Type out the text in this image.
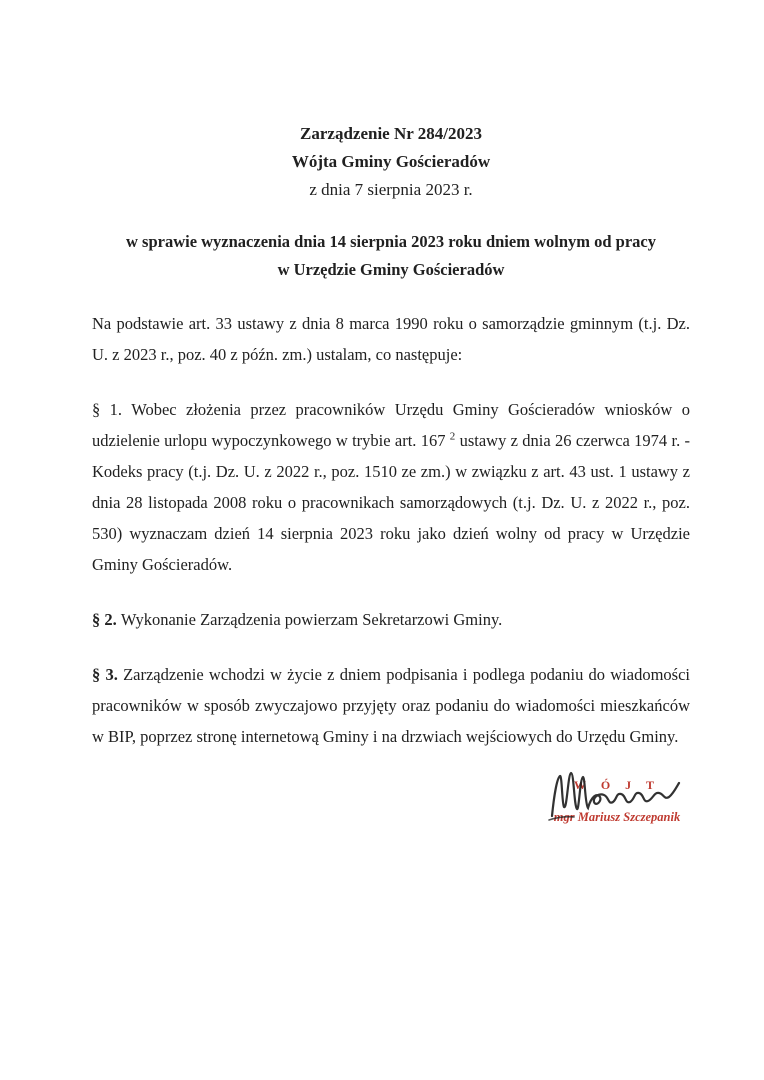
Zarządzenie Nr 284/2023
Wójta Gminy Gościeradów
z dnia 7 sierpnia 2023 r.
w sprawie wyznaczenia dnia 14 sierpnia 2023 roku dniem wolnym od pracy
w Urzędzie Gminy Gościeradów

Na podstawie art. 33 ustawy z dnia 8 marca 1990 roku o samorządzie gminnym (t.j. Dz. U. z 2023 r., poz. 40 z późn. zm.) ustalam, co następuje:

§ 1. Wobec złożenia przez pracowników Urzędu Gminy Gościeradów wniosków o udzielenie urlopu wypoczynkowego w trybie art. 167 $^2$ ustawy z dnia 26 czerwca 1974 r. - Kodeks pracy (t.j. Dz. U. z 2022 r., poz. 1510 ze zm.) w związku z art. 43 ust. 1 ustawy z dnia 28 listopada 2008 roku o pracownikach samorządowych (t.j. Dz. U. z 2022 r., poz. 530) wyznaczam dzień 14 sierpnia 2023 roku jako dzień wolny od pracy w Urzędzie Gminy Gościeradów.

§ 2. Wykonanie Zarządzenia powierzam Sekretarzowi Gminy.

§ 3. Zarządzenie wchodzi w życie z dniem podpisania i podlega podaniu do wiadomości pracowników w sposób zwyczajowo przyjęty oraz podaniu do wiadomości mieszkańców w BIP, poprzez stronę internetową Gminy i na drzwiach wejściowych do Urzędu Gminy.

W Ó J T
mgr Mariusz Szczepanik
